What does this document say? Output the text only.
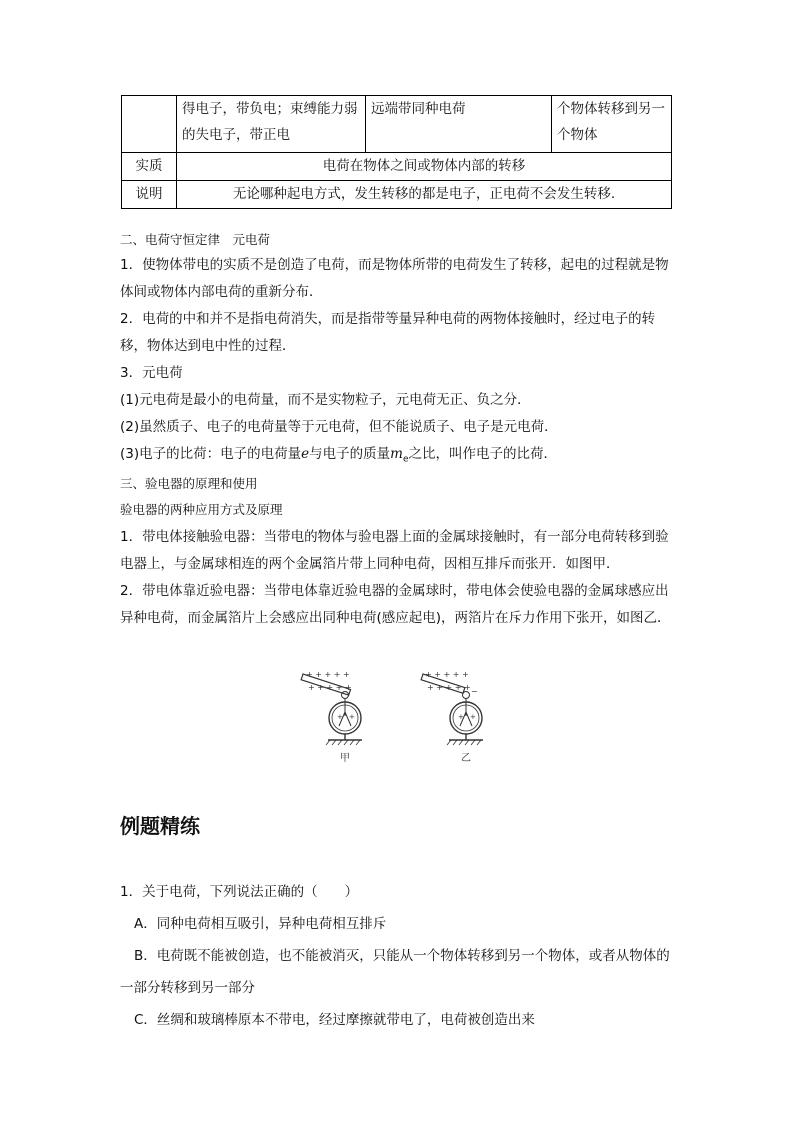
	得电子，带负电；束缚能力弱的失电子，带正电	远端带同种电荷	个物体转移到另一个物体
实质	电荷在物体之间或物体内部的转移		
说明	无论哪种起电方式，发生转移的都是电子，正电荷不会发生转移.		
二、电荷守恒定律　元电荷
1．使物体带电的实质不是创造了电荷，而是物体所带的电荷发生了转移，起电的过程就是物体间或物体内部电荷的重新分布．
2．电荷的中和并不是指电荷消失，而是指带等量异种电荷的两物体接触时，经过电子的转移，物体达到电中性的过程．
3．元电荷
(1)元电荷是最小的电荷量，而不是实物粒子，元电荷无正、负之分．
(2)虽然质子、电子的电荷量等于元电荷，但不能说质子、电子是元电荷．
(3)电子的比荷：电子的电荷量e与电子的质量$m_e$之比，叫作电子的比荷．
三、验电器的原理和使用
验电器的两种应用方式及原理
1．带电体接触验电器：当带电的物体与验电器上面的金属球接触时，有一部分电荷转移到验电器上，与金属球相连的两个金属箔片带上同种电荷，因相互排斥而张开．如图甲．
2．带电体靠近验电器：当带电体靠近验电器的金属球时，带电体会使验电器的金属球感应出异种电荷，而金属箔片上会感应出同种电荷(感应起电)，两箔片在斥力作用下张开，如图乙．
+ + + + +
+ + + + +
+ +
甲
+ + + + +
+ + + + + −
+ +
乙
例题精练
1．关于电荷，下列说法正确的（　　）
A．同种电荷相互吸引，异种电荷相互排斥
B．电荷既不能被创造，也不能被消灭，只能从一个物体转移到另一个物体，或者从物体的一部分转移到另一部分
C．丝绸和玻璃棒原本不带电，经过摩擦就带电了，电荷被创造出来
